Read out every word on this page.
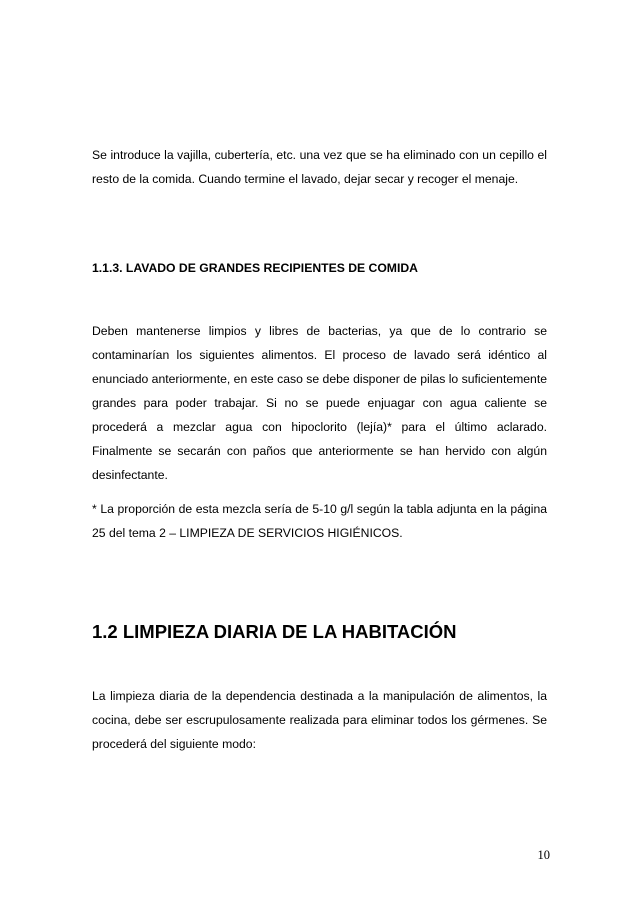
Se introduce la vajilla, cubertería, etc. una vez que se ha eliminado con un cepillo el resto de la comida. Cuando termine el lavado, dejar secar y recoger el menaje.

1.1.3. LAVADO DE GRANDES RECIPIENTES DE COMIDA

Deben mantenerse limpios y libres de bacterias, ya que de lo contrario se contaminarían los siguientes alimentos. El proceso de lavado será idéntico al enunciado anteriormente, en este caso se debe disponer de pilas lo suficientemente grandes para poder trabajar. Si no se puede enjuagar con agua caliente se procederá a mezclar agua con hipoclorito (lejía)* para el último aclarado. Finalmente se secarán con paños que anteriormente se han hervido con algún desinfectante.

* La proporción de esta mezcla sería de 5-10 g/l según la tabla adjunta en la página 25 del tema 2 – LIMPIEZA DE SERVICIOS HIGIÉNICOS.

1.2 LIMPIEZA DIARIA DE LA HABITACIÓN

La limpieza diaria de la dependencia destinada a la manipulación de alimentos, la cocina, debe ser escrupulosamente realizada para eliminar todos los gérmenes. Se procederá del siguiente modo:

10
